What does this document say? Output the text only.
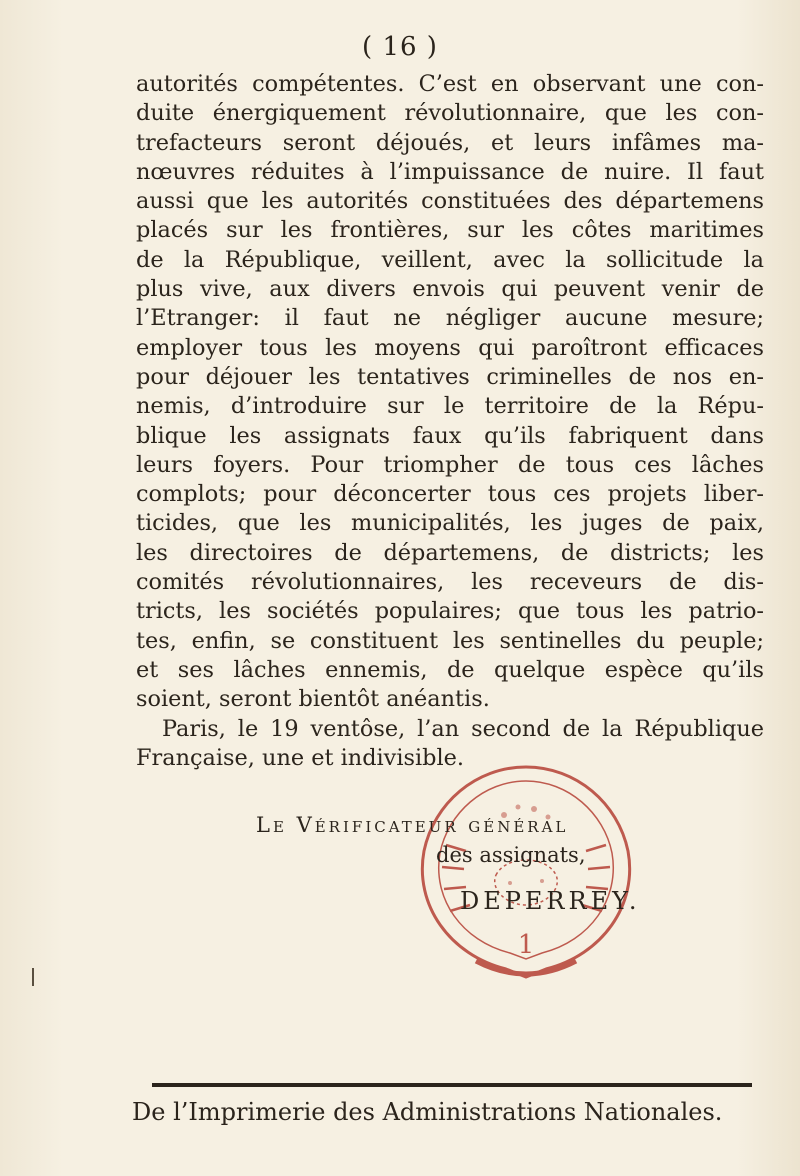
( 16 )
autorités compétentes. C’est en observant une con-
duite énergiquement révolutionnaire, que les con-
trefacteurs seront déjoués, et leurs infâmes ma-
nœuvres réduites à l’impuissance de nuire. Il faut
aussi que les autorités constituées des départemens
placés sur les frontières, sur les côtes maritimes
de la République, veillent, avec la sollicitude la
plus vive, aux divers envois qui peuvent venir de
l’Etranger: il faut ne négliger aucune mesure;
employer tous les moyens qui paroîtront efficaces
pour déjouer les tentatives criminelles de nos en-
nemis, d’introduire sur le territoire de la Répu-
blique les assignats faux qu’ils fabriquent dans
leurs foyers. Pour triompher de tous ces lâches
complots; pour déconcerter tous ces projets liber-
ticides, que les municipalités, les juges de paix,
les directoires de départemens, de districts; les
comités révolutionnaires, les receveurs de dis-
tricts, les sociétés populaires; que tous les patrio-
tes, enfin, se constituent les sentinelles du peuple;
et ses lâches ennemis, de quelque espèce qu’ils
soient, seront bientôt anéantis.
Paris, le 19 ventôse, l’an second de la République
Française, une et indivisible.
1
Le Vérificateur général
des assignats,
DEPERREY.
De l’Imprimerie des Administrations Nationales.
